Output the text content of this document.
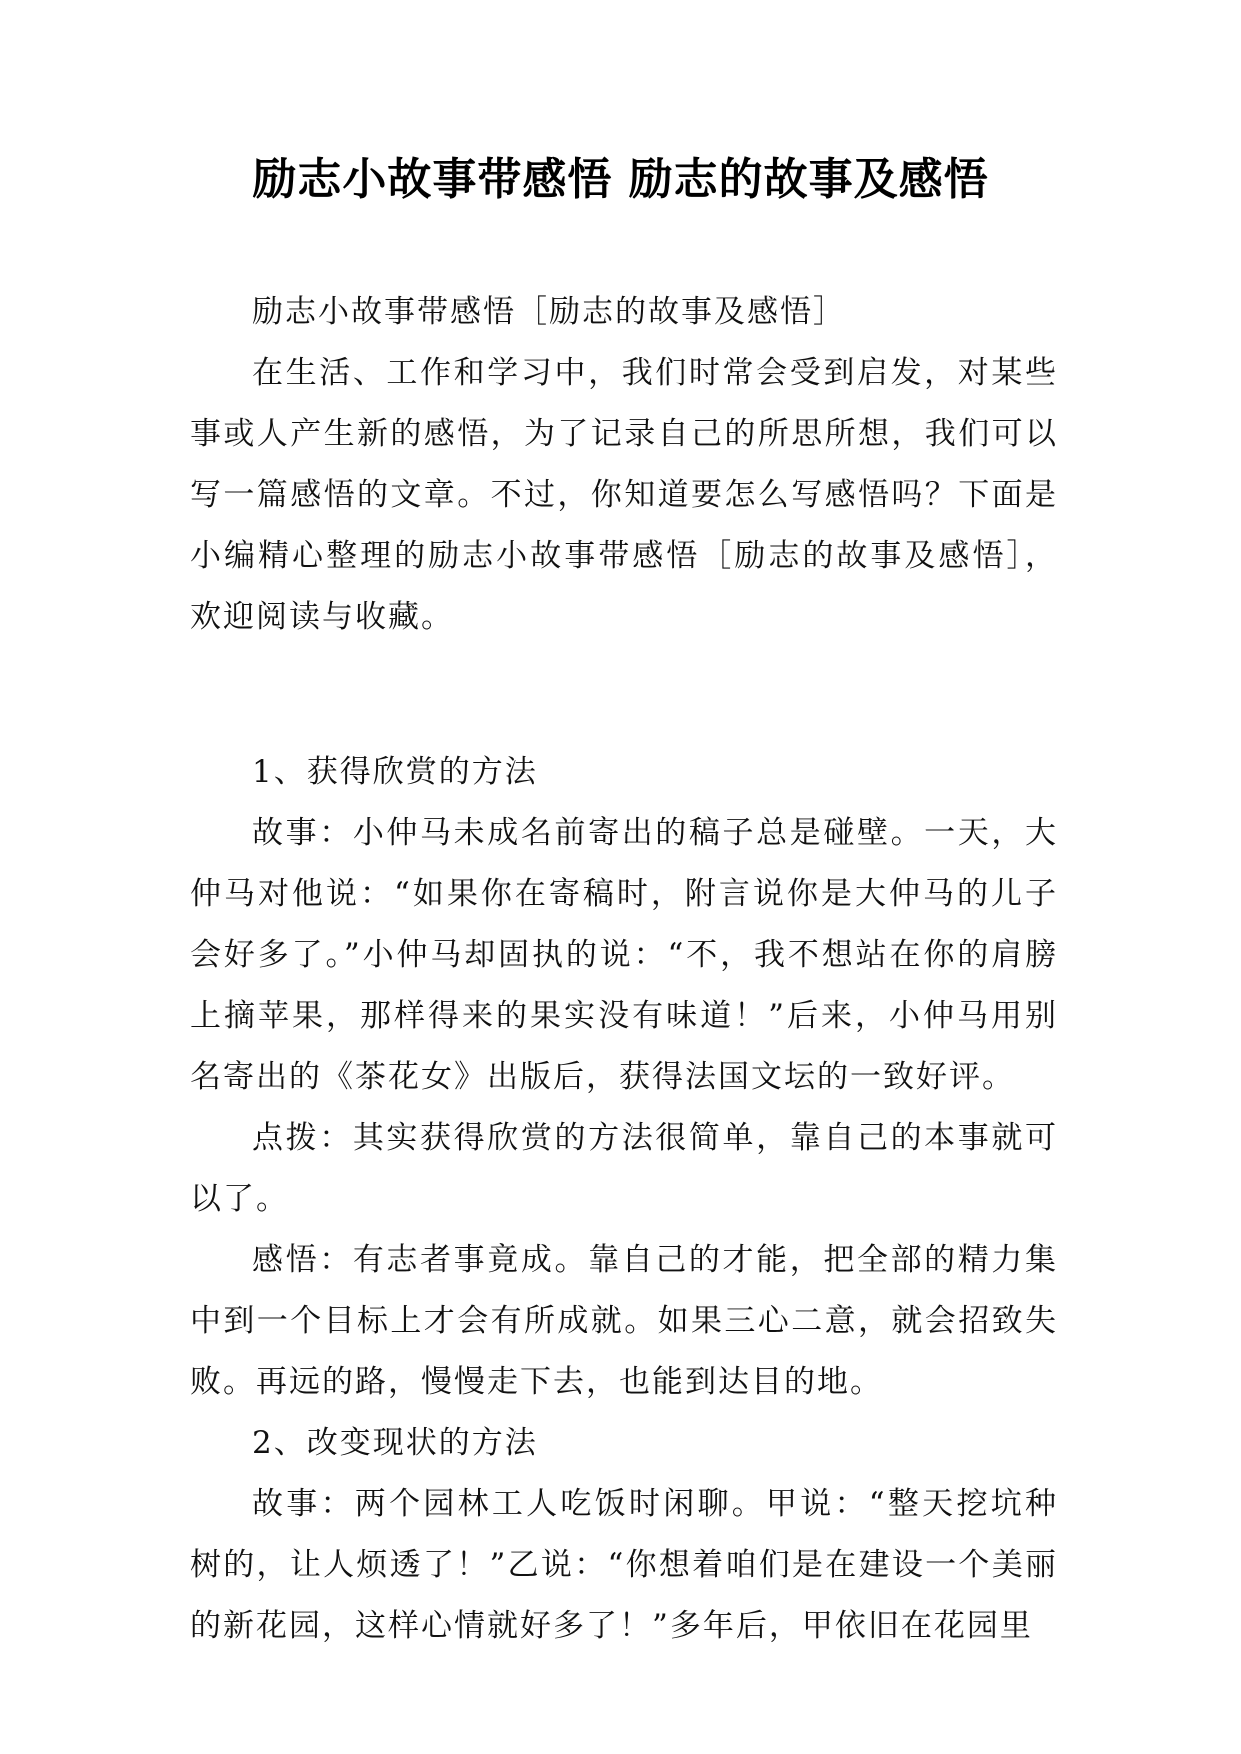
励志小故事带感悟 励志的故事及感悟

励志小故事带感悟［励志的故事及感悟］

在生活、工作和学习中，我们时常会受到启发，对某些事或人产生新的感悟，为了记录自己的所思所想，我们可以写一篇感悟的文章。不过，你知道要怎么写感悟吗？下面是小编精心整理的励志小故事带感悟［励志的故事及感悟］，欢迎阅读与收藏。

1、获得欣赏的方法

故事：小仲马未成名前寄出的稿子总是碰壁。一天，大仲马对他说：“如果你在寄稿时，附言说你是大仲马的儿子会好多了。”小仲马却固执的说：“不，我不想站在你的肩膀上摘苹果，那样得来的果实没有味道！”后来，小仲马用别名寄出的《茶花女》出版后，获得法国文坛的一致好评。

点拨：其实获得欣赏的方法很简单，靠自己的本事就可以了。

感悟：有志者事竟成。靠自己的才能，把全部的精力集中到一个目标上才会有所成就。如果三心二意，就会招致失败。再远的路，慢慢走下去，也能到达目的地。

2、改变现状的方法

故事：两个园林工人吃饭时闲聊。甲说：“整天挖坑种树的，让人烦透了！”乙说：“你想着咱们是在建设一个美丽的新花园，这样心情就好多了！”多年后，甲依旧在花园里
